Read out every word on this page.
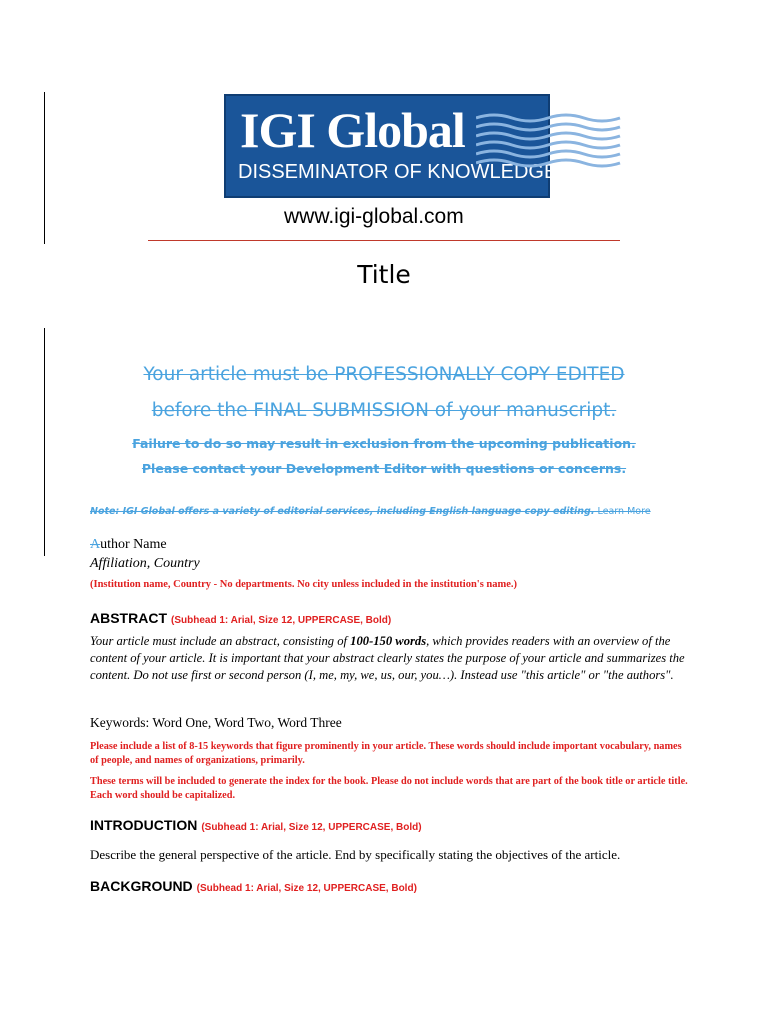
IGI Global
DISSEMINATOR OF KNOWLEDGE
www.igi-global.com
Title
Your article must be PROFESSIONALLY COPY EDITED
before the FINAL SUBMISSION of your manuscript.
Failure to do so may result in exclusion from the upcoming publication.
Please contact your Development Editor with questions or concerns.
Note: IGI Global offers a variety of editorial services, including English language copy editing. Learn More
Author Name
Affiliation, Country
(Institution name, Country - No departments. No city unless included in the institution's name.)
ABSTRACT (Subhead 1: Arial, Size 12, UPPERCASE, Bold)
Your article must include an abstract, consisting of 100-150 words, which provides readers with an overview of the content of your article. It is important that your abstract clearly states the purpose of your article and summarizes the content. Do not use first or second person (I, me, my, we, us, our, you…). Instead use "this article" or "the authors".
Keywords: Word One, Word Two, Word Three
Please include a list of 8-15 keywords that figure prominently in your article. These words should include important vocabulary, names of people, and names of organizations, primarily.
These terms will be included to generate the index for the book. Please do not include words that are part of the book title or article title. Each word should be capitalized.
INTRODUCTION (Subhead 1: Arial, Size 12, UPPERCASE, Bold)
Describe the general perspective of the article. End by specifically stating the objectives of the article.
BACKGROUND (Subhead 1: Arial, Size 12, UPPERCASE, Bold)
